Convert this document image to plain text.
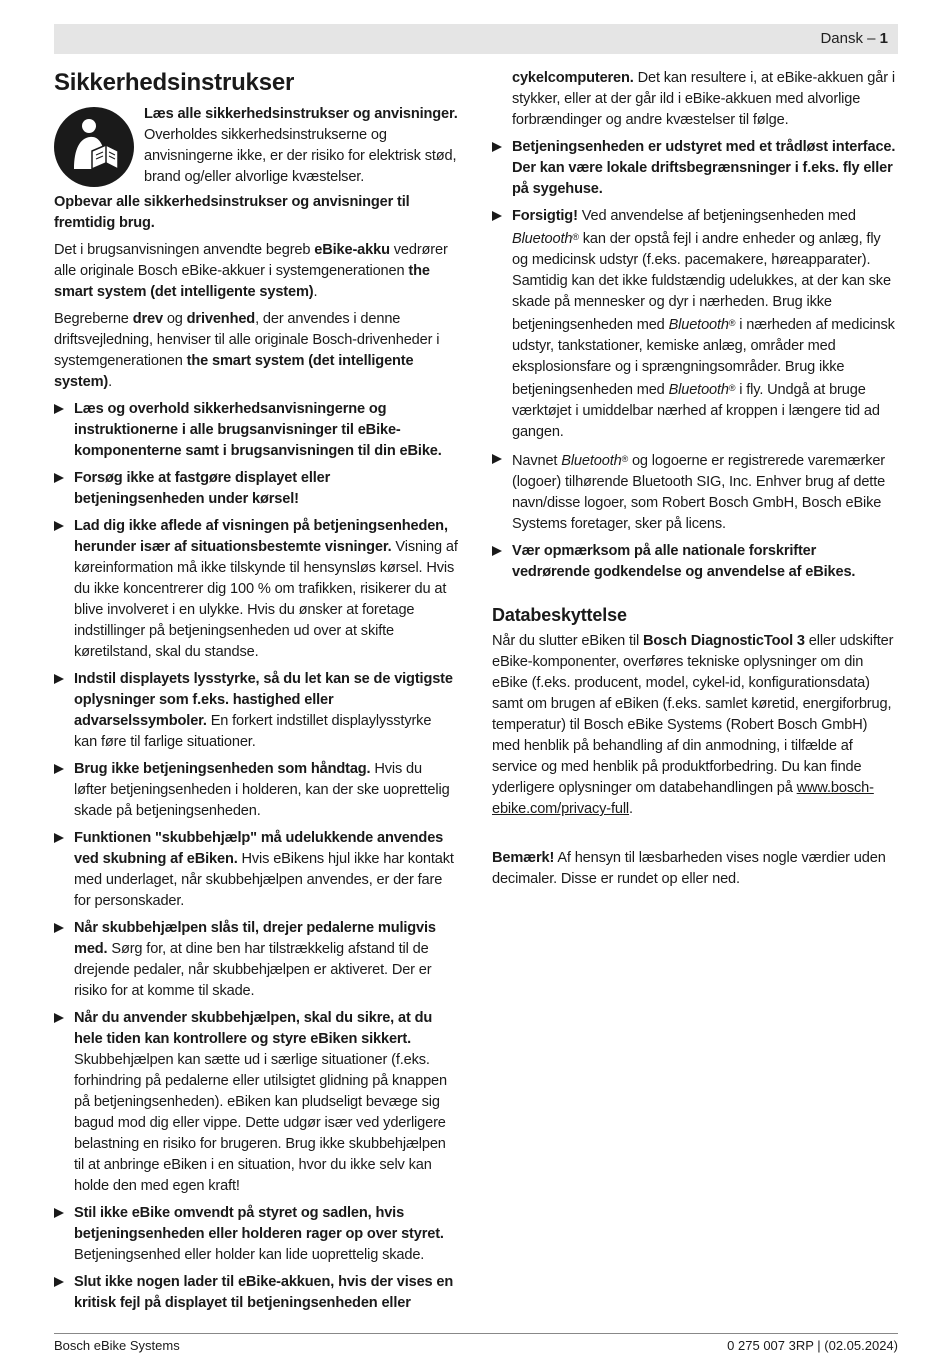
Dansk – 1
Sikkerhedsinstrukser
Læs alle sikkerhedsinstrukser og anvisninger. Overholdes sikkerhedsinstrukserne og anvisningerne ikke, er der risiko for elektrisk stød, brand og/eller alvorlige kvæstelser.

Opbevar alle sikkerhedsinstrukser og anvisninger til fremtidig brug.

Det i brugsanvisningen anvendte begreb eBike-akku vedrører alle originale Bosch eBike-akkuer i systemgenerationen the smart system (det intelligente system).

Begreberne drev og drivenhed, der anvendes i denne driftsvejledning, henviser til alle originale Bosch-drivenheder i systemgenerationen the smart system (det intelligente system).

Læs og overhold sikkerhedsanvisningerne og instruktionerne i alle brugsanvisninger til eBike-komponenterne samt i brugsanvisningen til din eBike.
Forsøg ikke at fastgøre displayet eller betjeningsenheden under kørsel!
Lad dig ikke aflede af visningen på betjeningsenheden, herunder især af situationsbestemte visninger. Visning af køreinformation må ikke tilskynde til hensynsløs kørsel. Hvis du ikke koncentrerer dig 100 % om trafikken, risikerer du at blive involveret i en ulykke. Hvis du ønsker at foretage indstillinger på betjeningsenheden ud over at skifte køretilstand, skal du standse.
Indstil displayets lysstyrke, så du let kan se de vigtigste oplysninger som f.eks. hastighed eller advarselssymboler. En forkert indstillet displaylysstyrke kan føre til farlige situationer.
Brug ikke betjeningsenheden som håndtag. Hvis du løfter betjeningsenheden i holderen, kan der ske uoprettelig skade på betjeningsenheden.
Funktionen "skubbehjælp" må udelukkende anvendes ved skubning af eBiken. Hvis eBikens hjul ikke har kontakt med underlaget, når skubbehjælpen anvendes, er der fare for personskader.
Når skubbehjælpen slås til, drejer pedalerne muligvis med. Sørg for, at dine ben har tilstrækkelig afstand til de drejende pedaler, når skubbehjælpen er aktiveret. Der er risiko for at komme til skade.
Når du anvender skubbehjælpen, skal du sikre, at du hele tiden kan kontrollere og styre eBiken sikkert. Skubbehjælpen kan sætte ud i særlige situationer (f.eks. forhindring på pedalerne eller utilsigtet glidning på knappen på betjeningsenheden). eBiken kan pludseligt bevæge sig bagud mod dig eller vippe. Dette udgør især ved yderligere belastning en risiko for brugeren. Brug ikke skubbehjælpen til at anbringe eBiken i en situation, hvor du ikke selv kan holde den med egen kraft!
Stil ikke eBike omvendt på styret og sadlen, hvis betjeningsenheden eller holderen rager op over styret. Betjeningsenhed eller holder kan lide uoprettelig skade.
Slut ikke nogen lader til eBike-akkuen, hvis der vises en kritisk fejl på displayet til betjeningsenheden eller

cykelcomputeren. Det kan resultere i, at eBike-akkuen går i stykker, eller at der går ild i eBike-akkuen med alvorlige forbrændinger og andre kvæstelser til følge.

Betjeningsenheden er udstyret med et trådløst interface. Der kan være lokale driftsbegrænsninger i f.eks. fly eller på sygehuse.
Forsigtig! Ved anvendelse af betjeningsenheden med Bluetooth® kan der opstå fejl i andre enheder og anlæg, fly og medicinsk udstyr (f.eks. pacemakere, høreapparater). Samtidig kan det ikke fuldstændig udelukkes, at der kan ske skade på mennesker og dyr i nærheden. Brug ikke betjeningsenheden med Bluetooth® i nærheden af medicinsk udstyr, tankstationer, kemiske anlæg, områder med eksplosionsfare og i sprængningsområder. Brug ikke betjeningsenheden med Bluetooth® i fly. Undgå at bruge værktøjet i umiddelbar nærhed af kroppen i længere tid ad gangen.
Navnet Bluetooth® og logoerne er registrerede varemærker (logoer) tilhørende Bluetooth SIG, Inc. Enhver brug af dette navn/disse logoer, som Robert Bosch GmbH, Bosch eBike Systems foretager, sker på licens.
Vær opmærksom på alle nationale forskrifter vedrørende godkendelse og anvendelse af eBikes.
Databeskyttelse

Når du slutter eBiken til Bosch DiagnosticTool 3 eller udskifter eBike-komponenter, overføres tekniske oplysninger om din eBike (f.eks. producent, model, cykel-id, konfigurationsdata) samt om brugen af eBiken (f.eks. samlet køretid, energiforbrug, temperatur) til Bosch eBike Systems (Robert Bosch GmbH) med henblik på behandling af din anmodning, i tilfælde af service og med henblik på produktforbedring. Du kan finde yderligere oplysninger om databehandlingen på www.bosch-ebike.com/privacy-full.

Bemærk! Af hensyn til læsbarheden vises nogle værdier uden decimaler. Disse er rundet op eller ned.

Bosch eBike Systems	0 275 007 3RP | (02.05.2024)
